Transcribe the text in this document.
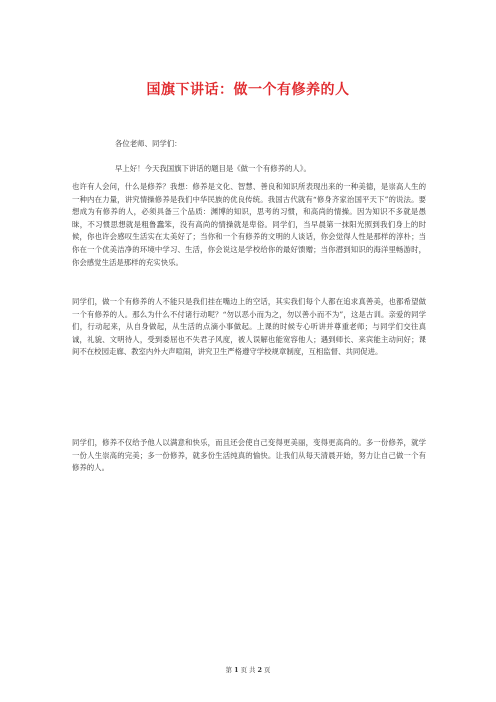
国旗下讲话：做一个有修养的人
各位老师、同学们：
早上好！今天我国旗下讲话的题目是《做一个有修养的人》。

也许有人会问，什么是修养？我想：修养是文化、智慧、善良和知识所表现出来的一种美德，是崇高人生的一种内在力量，讲究情操修养是我们中华民族的优良传统。我国古代就有“修身齐家治国平天下”的说法。要想成为有修养的人，必须具备三个品质：渊博的知识，思考的习惯，和高尚的情操。因为知识不多就是愚昧，不习惯思想就是粗鲁蠢笨，没有高尚的情操就是卑俗。同学们，当早晨第一抹阳光照到我们身上的时候，你也许会感叹生活实在太美好了；当你和一个有修养的文明的人谈话，你会觉得人性是那样的淳朴；当你在一个优美洁净的环境中学习、生活，你会说这是学校给你的最好馈赠；当你潜到知识的海洋里畅游时，你会感觉生活是那样的充实快乐。

同学们，做一个有修养的人不能只是我们挂在嘴边上的空话，其实我们每个人都在追求真善美，也都希望做一个有修养的人。那么为什么不付诸行动呢？“勿以恶小而为之，勿以善小而不为”，这是古训。亲爱的同学们，行动起来，从自身做起，从生活的点滴小事做起。上课的时候专心听讲并尊重老师；与同学们交往真诚，礼貌、文明待人，受到委屈也不失君子风度，被人误解也能宽容他人；遇到师长、来宾能主动问好；课间不在校园走廊、教室内外大声喧闹，讲究卫生严格遵守学校规章制度，互相监督、共同促进。

同学们，修养不仅给予他人以满意和快乐，而且还会使自己变得更美丽，变得更高尚的。多一份修养，就学一份人生崇高的完美；多一份修养，就多份生活纯真的愉快。让我们从每天清晨开始，努力让自己做一个有修养的人。

第 1 页 共 2 页
